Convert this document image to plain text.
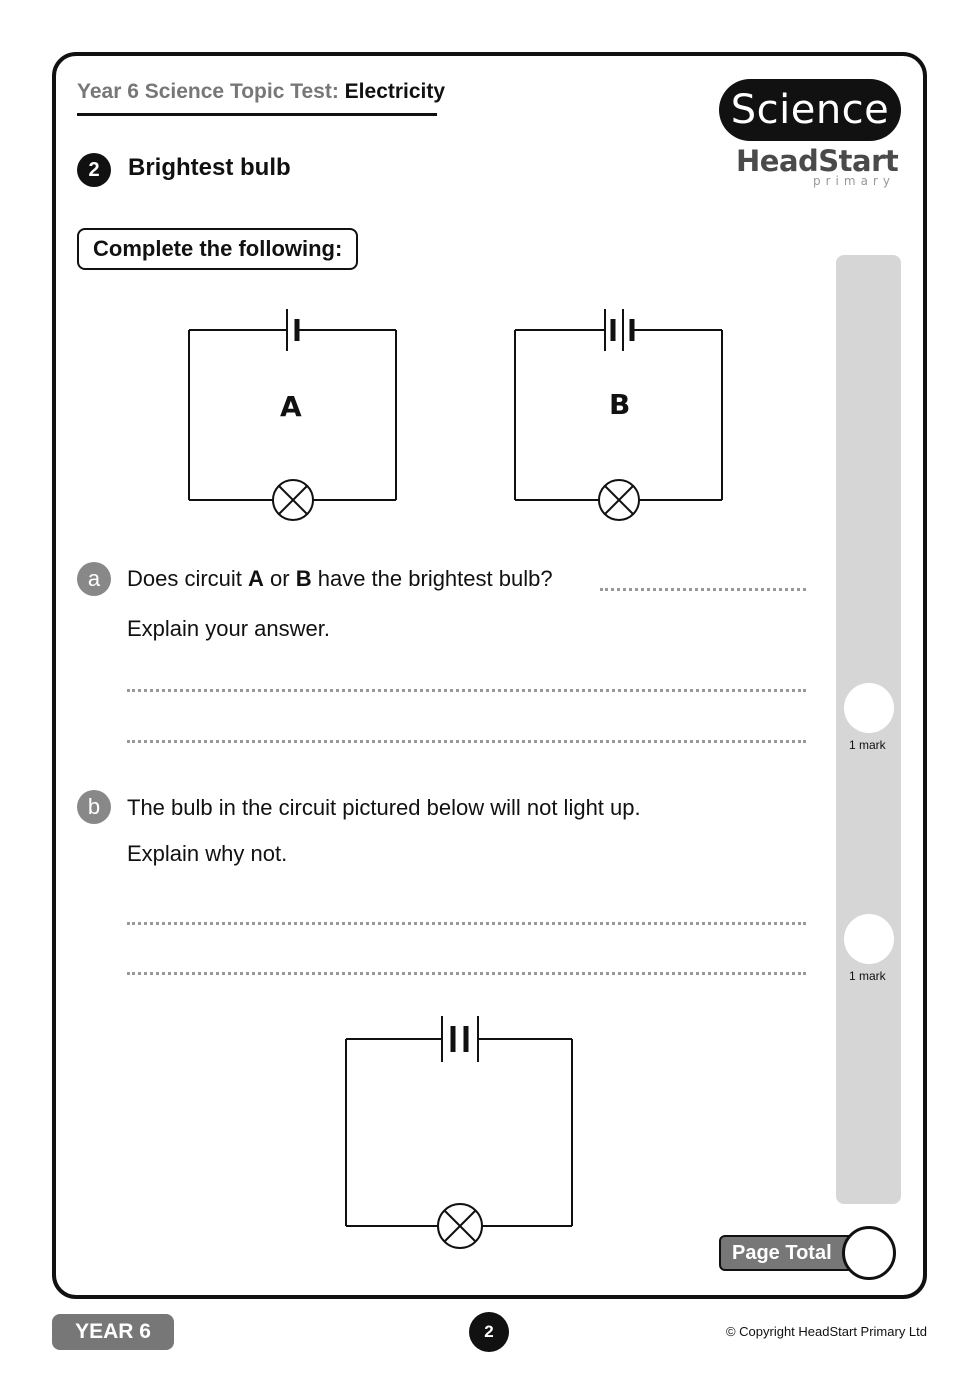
Year 6 Science Topic Test: Electricity	Science
HeadStart
primary
2	Brightest bulb
Complete the following:
1 mark
1 mark
A	B
a	Does circuit A or B have the brightest bulb?
Explain your answer.
b	The bulb in the circuit pictured below will not light up.
Explain why not.
Page Total
YEAR 6	2	© Copyright HeadStart Primary Ltd
